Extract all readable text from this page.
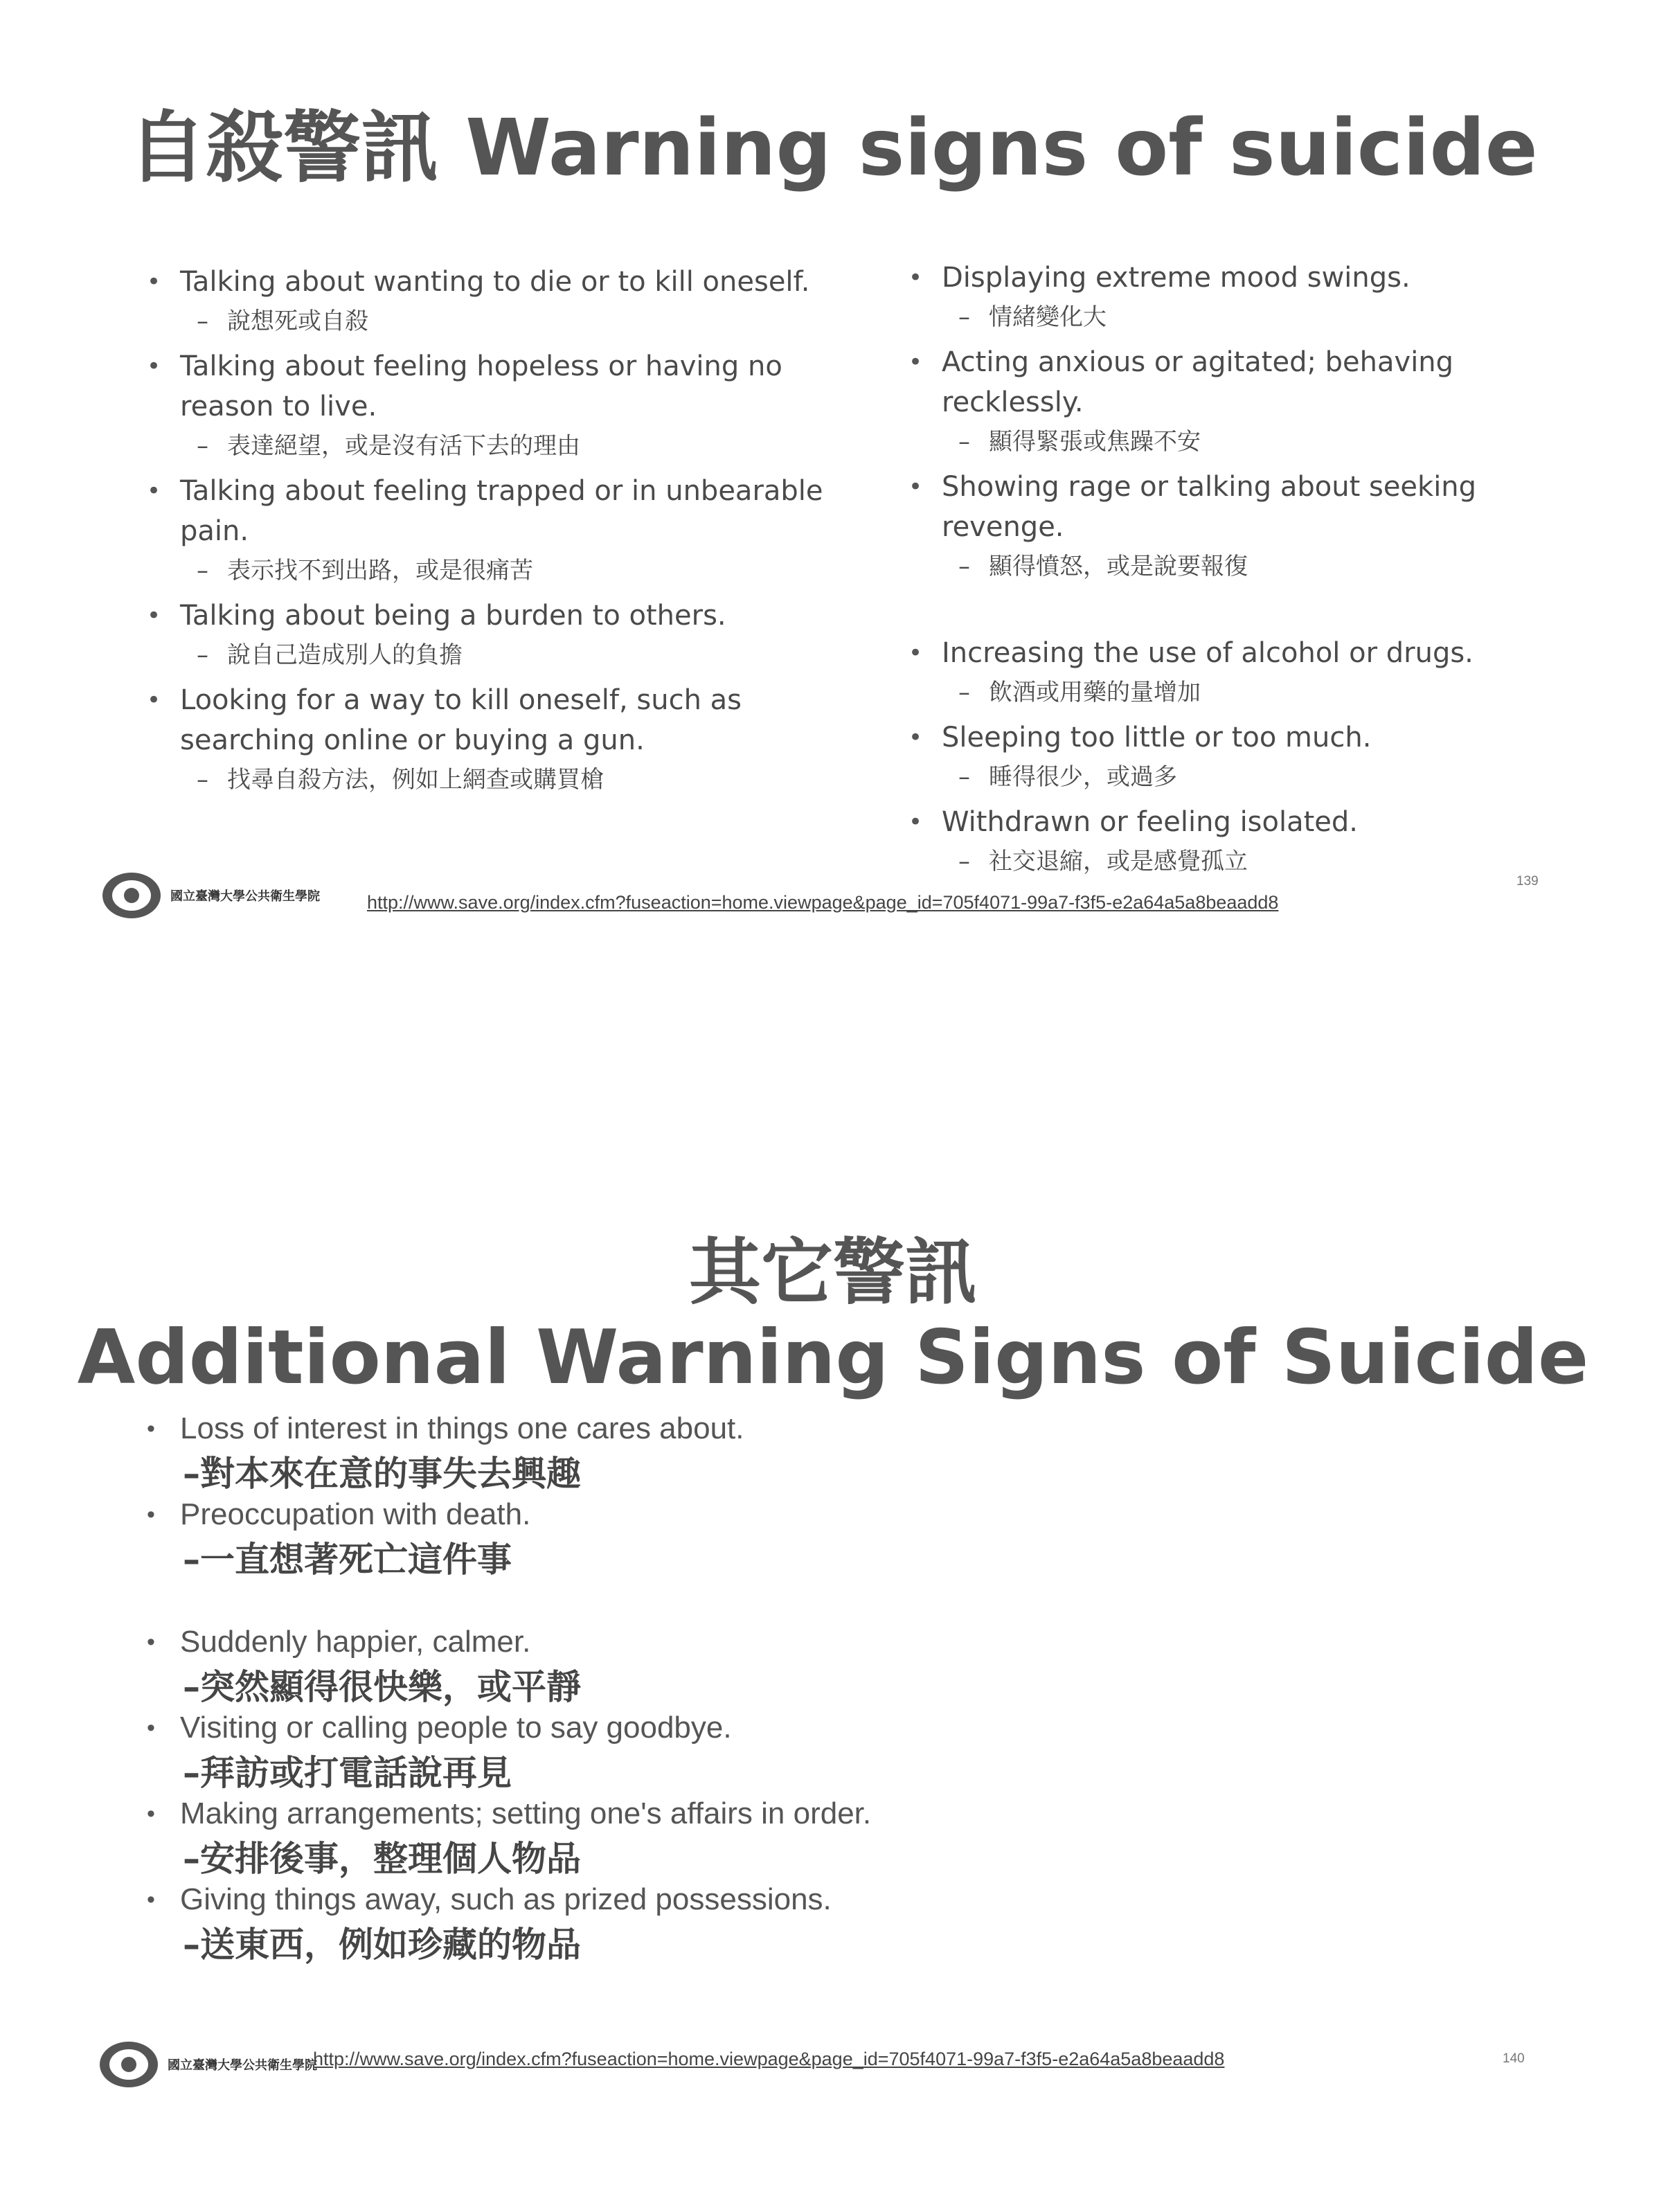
自殺警訊 Warning signs of suicide
• Talking about wanting to die or to kill oneself.
– 說想死或自殺
• Talking about feeling hopeless or having no reason to live.
– 表達絕望，或是沒有活下去的理由
• Talking about feeling trapped or in unbearable pain.
– 表示找不到出路，或是很痛苦
• Talking about being a burden to others.
– 說自己造成別人的負擔
• Looking for a way to kill oneself, such as searching online or buying a gun.
– 找尋自殺方法，例如上網查或購買槍
• Displaying extreme mood swings.
– 情緒變化大
• Acting anxious or agitated; behaving recklessly.
– 顯得緊張或焦躁不安
• Showing rage or talking about seeking revenge.
– 顯得憤怒，或是說要報復
• Increasing the use of alcohol or drugs.
– 飲酒或用藥的量增加
• Sleeping too little or too much.
– 睡得很少，或過多
• Withdrawn or feeling isolated.
– 社交退縮，或是感覺孤立
國立臺灣大學公共衛生學院	http://www.save.org/index.cfm?fuseaction=home.viewpage&page_id=705f4071-99a7-f3f5-e2a64a5a8beaadd8
139
其它警訊
Additional Warning Signs of Suicide
• Loss of interest in things one cares about.
–對本來在意的事失去興趣
• Preoccupation with death.
–一直想著死亡這件事
• Suddenly happier, calmer.
–突然顯得很快樂，或平靜
• Visiting or calling people to say goodbye.
–拜訪或打電話說再見
• Making arrangements; setting one's affairs in order.
–安排後事，整理個人物品
• Giving things away, such as prized possessions.
–送東西，例如珍藏的物品
國立臺灣大學公共衛生學院
http://www.save.org/index.cfm?fuseaction=home.viewpage&page_id=705f4071-99a7-f3f5-e2a64a5a8beaadd8	140
